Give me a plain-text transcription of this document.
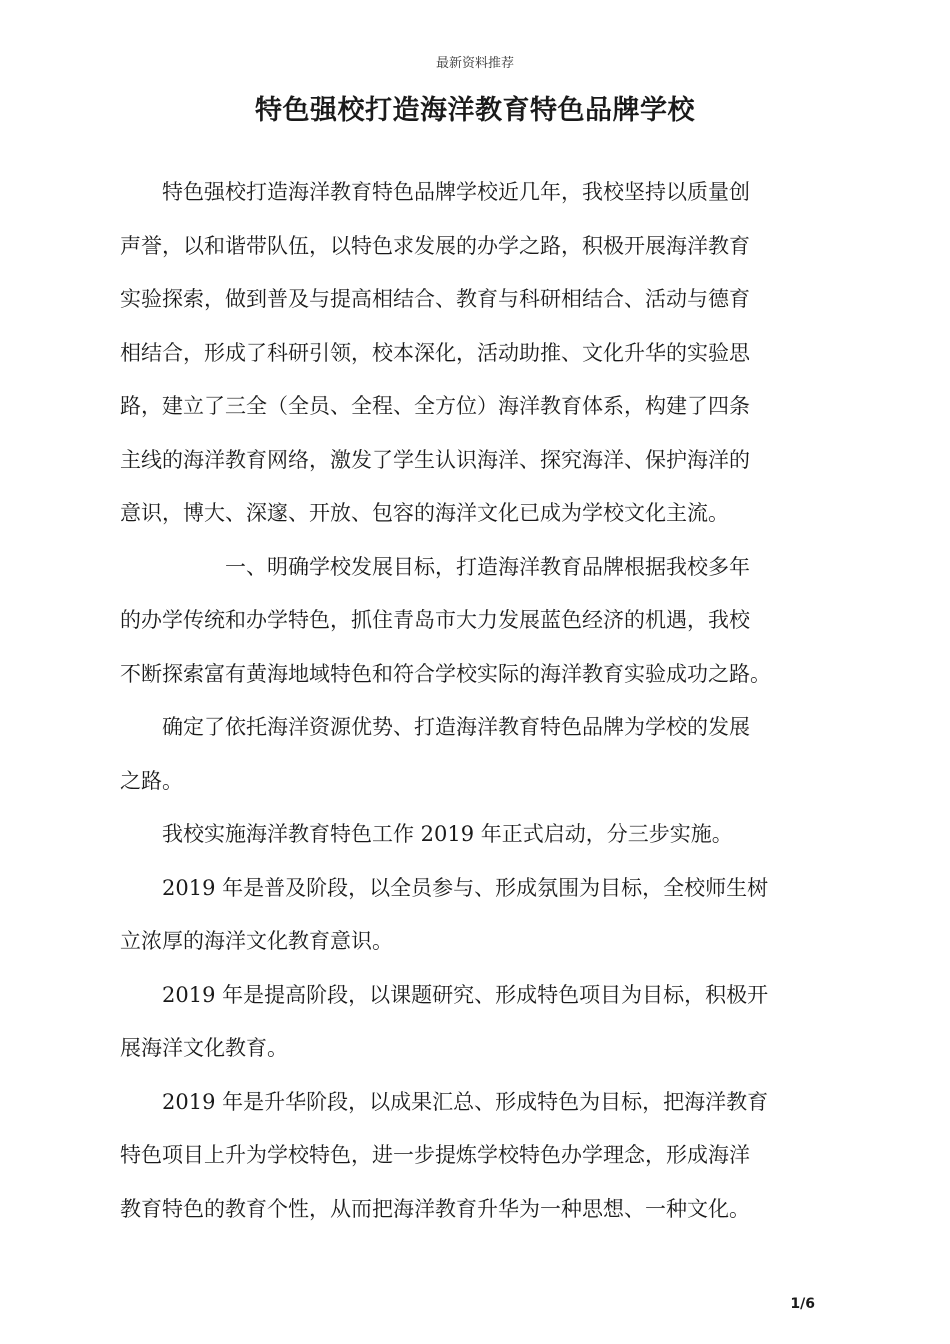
最新资料推荐
特色强校打造海洋教育特色品牌学校
　　特色强校打造海洋教育特色品牌学校近几年，我校坚持以质量创
声誉，以和谐带队伍，以特色求发展的办学之路，积极开展海洋教育
实验探索，做到普及与提高相结合、教育与科研相结合、活动与德育
相结合，形成了科研引领，校本深化，活动助推、文化升华的实验思
路，建立了三全（全员、全程、全方位）海洋教育体系，构建了四条
主线的海洋教育网络，激发了学生认识海洋、探究海洋、保护海洋的
意识，博大、深邃、开放、包容的海洋文化已成为学校文化主流。
　　　　　一、明确学校发展目标，打造海洋教育品牌根据我校多年
的办学传统和办学特色，抓住青岛市大力发展蓝色经济的机遇，我校
不断探索富有黄海地域特色和符合学校实际的海洋教育实验成功之路。
　　确定了依托海洋资源优势、打造海洋教育特色品牌为学校的发展
之路。
　　我校实施海洋教育特色工作 2019 年正式启动，分三步实施。
　　2019 年是普及阶段，以全员参与、形成氛围为目标，全校师生树
立浓厚的海洋文化教育意识。
　　2019 年是提高阶段，以课题研究、形成特色项目为目标，积极开
展海洋文化教育。
　　2019 年是升华阶段，以成果汇总、形成特色为目标，把海洋教育
特色项目上升为学校特色，进一步提炼学校特色办学理念，形成海洋
教育特色的教育个性，从而把海洋教育升华为一种思想、一种文化。
1/6
